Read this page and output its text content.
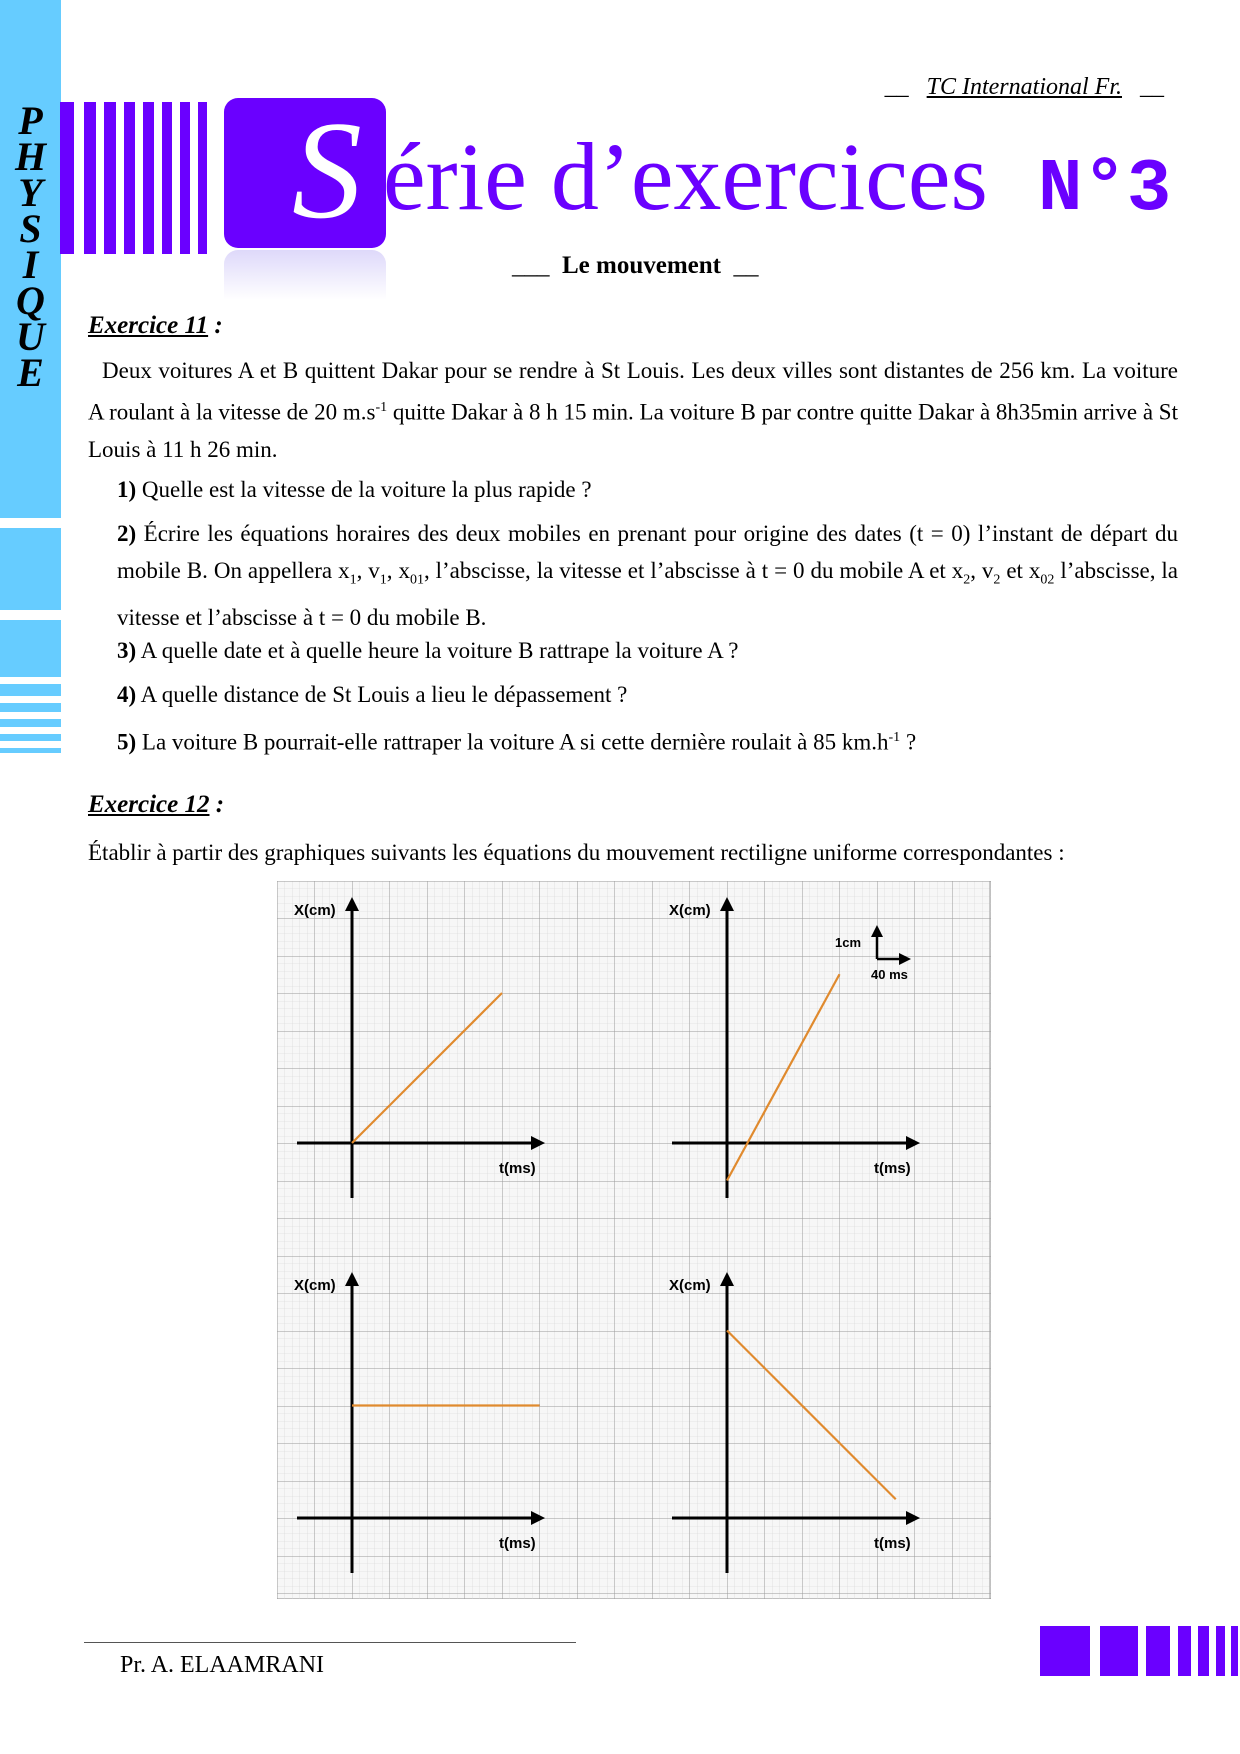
P
H
Y
S
I
Q
U
E
__ TC International Fr. __
S érie d’exercices N°3
___ Le mouvement __
Exercice 11 :
Deux voitures A et B quittent Dakar pour se rendre à St Louis. Les deux villes sont distantes de 256 km. La voiture A roulant à la vitesse de 20 $m.s^{-1}$ quitte Dakar à 8 h 15 min. La voiture B par contre quitte Dakar à 8h35min arrive à St Louis à 11 h 26 min.
1) Quelle est la vitesse de la voiture la plus rapide ?
2) Écrire les équations horaires des deux mobiles en prenant pour origine des dates (t = 0) l’instant de départ du mobile B. On appellera $x_1$, $v_1$, $x_{01}$, l’abscisse, la vitesse et l’abscisse à t = 0 du mobile A et $x_2$, $v_2$ et $x_{02}$ l’abscisse, la vitesse et l’abscisse à t = 0 du mobile B.
3) A quelle date et à quelle heure la voiture B rattrape la voiture A ?
4) A quelle distance de St Louis a lieu le dépassement ?
5) La voiture B pourrait-elle rattraper la voiture A si cette dernière roulait à 85 $km.h^{-1}$ ?
Exercice 12 :
Établir à partir des graphiques suivants les équations du mouvement rectiligne uniforme correspondantes :
X(cm)
t(ms)
X(cm)
t(ms)
X(cm)
t(ms)
X(cm)
t(ms)
1cm
40 ms
Pr. A. ELAAMRANI
